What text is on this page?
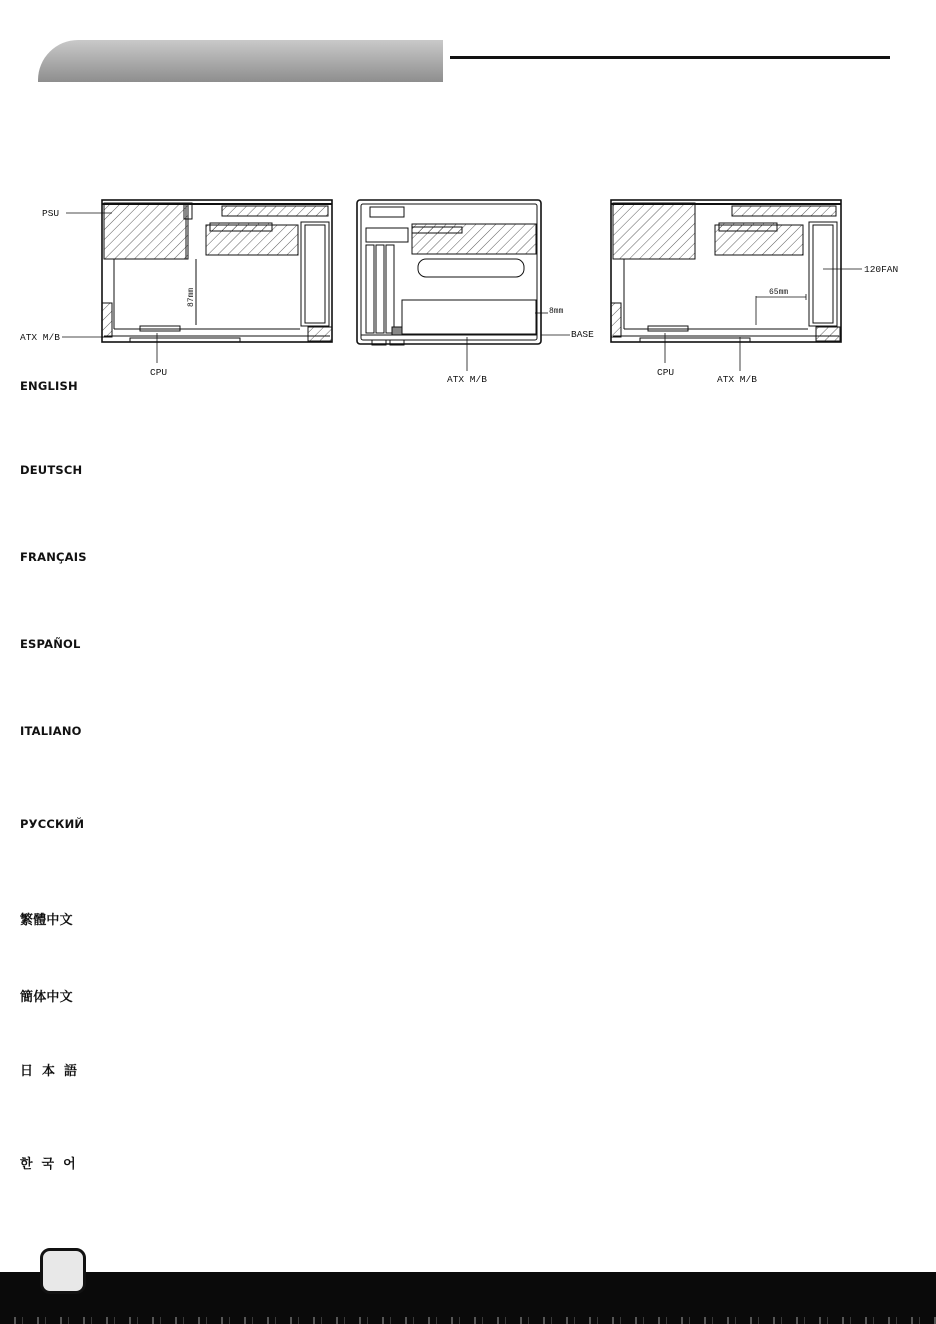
PSU
87mm
ATX M/B
CPU
8mm
BASE
ATX M/B
120FAN
65mm
CPU
ATX M/B
ENGLISH
DEUTSCH
FRANÇAIS
ESPAÑOL
ITALIANO
РУССКИЙ
繁體中文
簡体中文
日本語
한국어
